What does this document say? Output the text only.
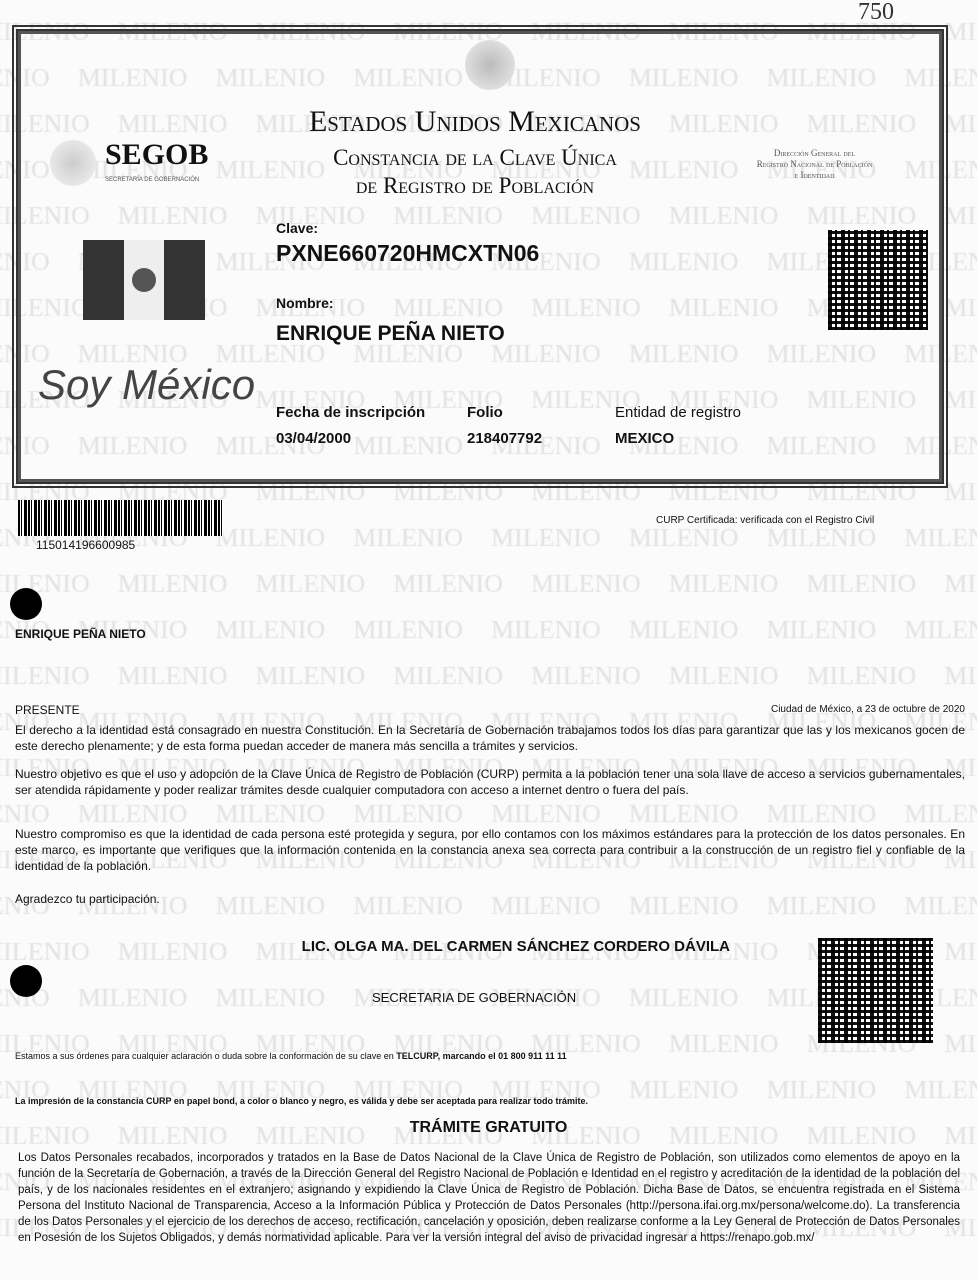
750
SEGOB
SECRETARÍA DE GOBERNACIÓN
Estados Unidos Mexicanos
Constancia de la Clave Única
de Registro de Población
Dirección General del
Registro Nacional de Población
e Identidad
Soy México
Clave:
PXNE660720HMCXTN06
Nombre:
ENRIQUE PEÑA NIETO
Fecha de inscripción
03/04/2000
Folio
218407792
Entidad de registro
MEXICO
115014196600985
CURP Certificada: verificada con el Registro Civil
ENRIQUE PEÑA NIETO
PRESENTE	Ciudad de México, a 23 de octubre de 2020

El derecho a la identidad está consagrado en nuestra Constitución. En la Secretaría de Gobernación trabajamos todos los días para garantizar que las y los mexicanos gocen de este derecho plenamente; y de esta forma puedan acceder de manera más sencilla a trámites y servicios.

Nuestro objetivo es que el uso y adopción de la Clave Única de Registro de Población (CURP) permita a la población tener una sola llave de acceso a servicios gubernamentales, ser atendida rápidamente y poder realizar trámites desde cualquier computadora con acceso a internet dentro o fuera del país.

Nuestro compromiso es que la identidad de cada persona esté protegida y segura, por ello contamos con los máximos estándares para la protección de los datos personales. En este marco, es importante que verifiques que la información contenida en la constancia anexa sea correcta para contribuir a la construcción de un registro fiel y confiable de la identidad de la población.

Agradezco tu participación.

LIC. OLGA MA. DEL CARMEN SÁNCHEZ CORDERO DÁVILA
SECRETARIA DE GOBERNACIÓN
Estamos a sus órdenes para cualquier aclaración o duda sobre la conformación de su clave en TELCURP, marcando el 01 800 911 11 11
La impresión de la constancia CURP en papel bond, a color o blanco y negro, es válida y debe ser aceptada para realizar todo trámite.
TRÁMITE GRATUITO

Los Datos Personales recabados, incorporados y tratados en la Base de Datos Nacional de la Clave Única de Registro de Población, son utilizados como elementos de apoyo en la función de la Secretaría de Gobernación, a través de la Dirección General del Registro Nacional de Población e Identidad en el registro y acreditación de la identidad de la población del país, y de los nacionales residentes en el extranjero; asignando y expidiendo la Clave Única de Registro de Población. Dicha Base de Datos, se encuentra registrada en el Sistema Persona del Instituto Nacional de Transparencia, Acceso a la Información Pública y Protección de Datos Personales (http://persona.ifai.org.mx/persona/welcome.do). La transferencia de los Datos Personales y el ejercicio de los derechos de acceso, rectificación, cancelación y oposición, deben realizarse conforme a la Ley General de Protección de Datos Personales en Posesión de los Sujetos Obligados, y demás normatividad aplicable. Para ver la versión integral del aviso de privacidad ingresar a https://renapo.gob.mx/
